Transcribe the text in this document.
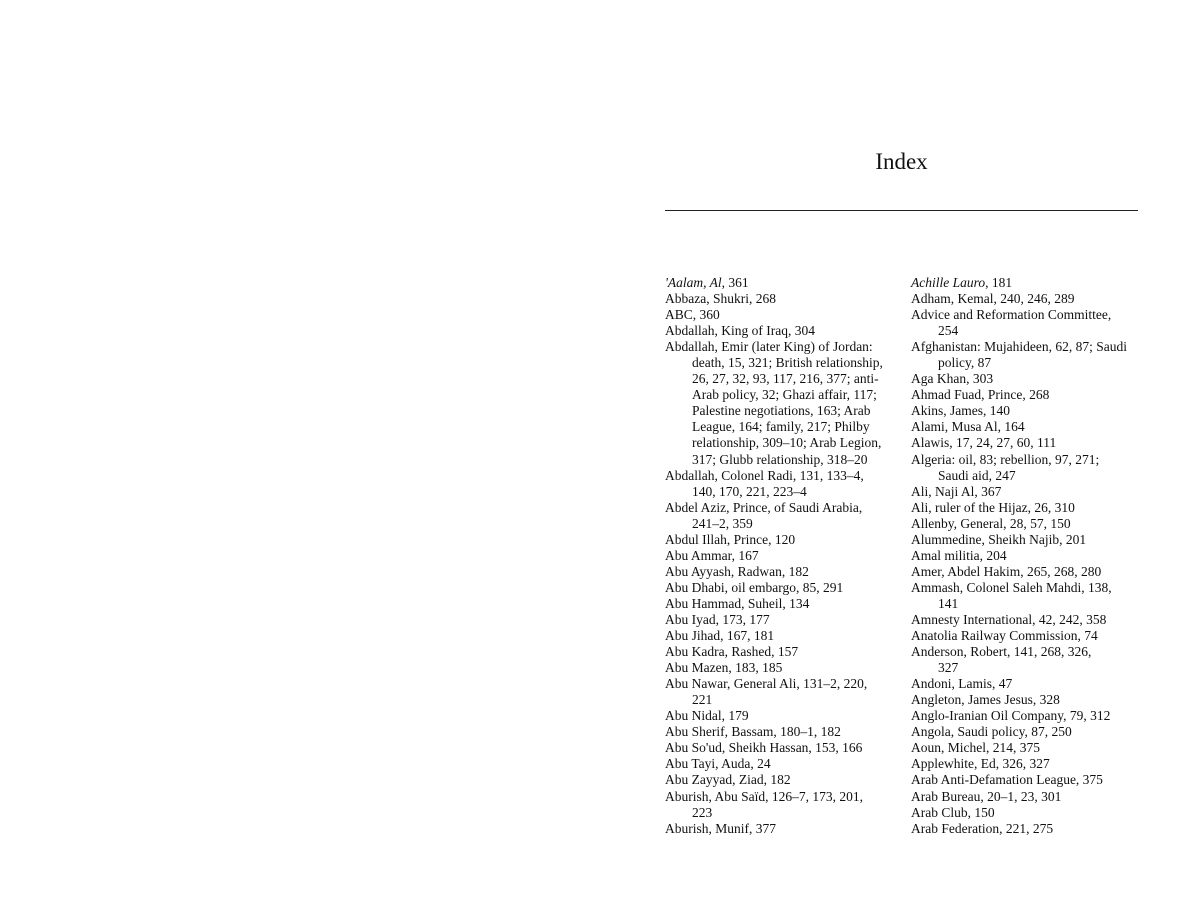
Index
'Aalam, Al, 361
Abbaza, Shukri, 268
ABC, 360
Abdallah, King of Iraq, 304
Abdallah, Emir (later King) of Jordan:
death, 15, 321; British relationship,
26, 27, 32, 93, 117, 216, 377; anti-
Arab policy, 32; Ghazi affair, 117;
Palestine negotiations, 163; Arab
League, 164; family, 217; Philby
relationship, 309–10; Arab Legion,
317; Glubb relationship, 318–20
Abdallah, Colonel Radi, 131, 133–4,
140, 170, 221, 223–4
Abdel Aziz, Prince, of Saudi Arabia,
241–2, 359
Abdul Illah, Prince, 120
Abu Ammar, 167
Abu Ayyash, Radwan, 182
Abu Dhabi, oil embargo, 85, 291
Abu Hammad, Suheil, 134
Abu Iyad, 173, 177
Abu Jihad, 167, 181
Abu Kadra, Rashed, 157
Abu Mazen, 183, 185
Abu Nawar, General Ali, 131–2, 220,
221
Abu Nidal, 179
Abu Sherif, Bassam, 180–1, 182
Abu So'ud, Sheikh Hassan, 153, 166
Abu Tayi, Auda, 24
Abu Zayyad, Ziad, 182
Aburish, Abu Saïd, 126–7, 173, 201,
223
Aburish, Munif, 377
Achille Lauro, 181
Adham, Kemal, 240, 246, 289
Advice and Reformation Committee,
254
Afghanistan: Mujahideen, 62, 87; Saudi
policy, 87
Aga Khan, 303
Ahmad Fuad, Prince, 268
Akins, James, 140
Alami, Musa Al, 164
Alawis, 17, 24, 27, 60, 111
Algeria: oil, 83; rebellion, 97, 271;
Saudi aid, 247
Ali, Naji Al, 367
Ali, ruler of the Hijaz, 26, 310
Allenby, General, 28, 57, 150
Alummedine, Sheikh Najib, 201
Amal militia, 204
Amer, Abdel Hakim, 265, 268, 280
Ammash, Colonel Saleh Mahdi, 138,
141
Amnesty International, 42, 242, 358
Anatolia Railway Commission, 74
Anderson, Robert, 141, 268, 326,
327
Andoni, Lamis, 47
Angleton, James Jesus, 328
Anglo-Iranian Oil Company, 79, 312
Angola, Saudi policy, 87, 250
Aoun, Michel, 214, 375
Applewhite, Ed, 326, 327
Arab Anti-Defamation League, 375
Arab Bureau, 20–1, 23, 301
Arab Club, 150
Arab Federation, 221, 275
